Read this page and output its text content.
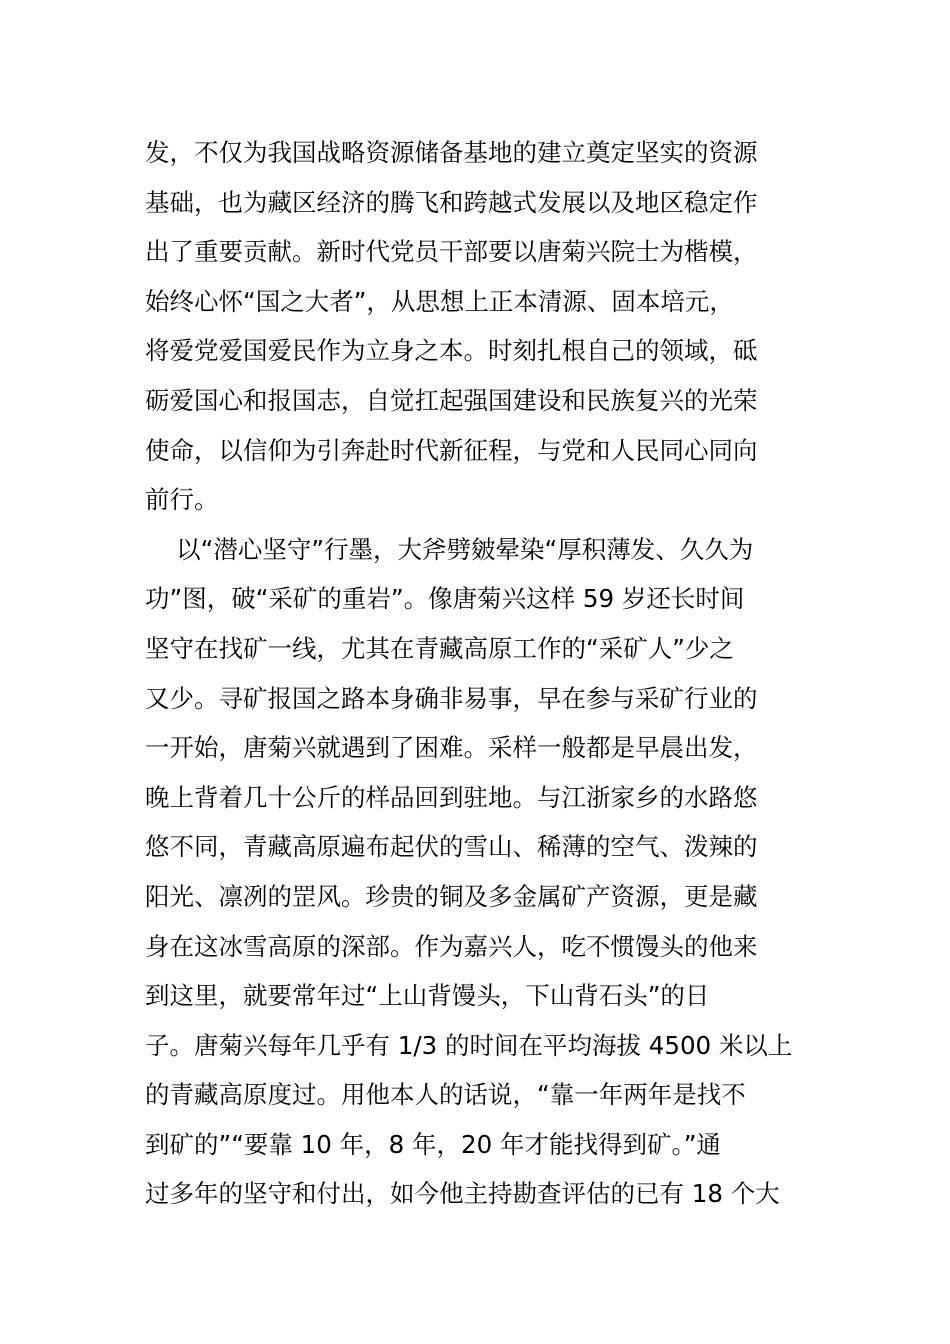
发，不仅为我国战略资源储备基地的建立奠定坚实的资源
基础，也为藏区经济的腾飞和跨越式发展以及地区稳定作
出了重要贡献。新时代党员干部要以唐菊兴院士为楷模，
始终心怀“国之大者”，从思想上正本清源、固本培元，
将爱党爱国爱民作为立身之本。时刻扎根自己的领域，砥
砺爱国心和报国志，自觉扛起强国建设和民族复兴的光荣
使命，以信仰为引奔赴时代新征程，与党和人民同心同向
前行。
以“潜心坚守”行墨，大斧劈皴晕染“厚积薄发、久久为
功”图，破“采矿的重岩”。像唐菊兴这样 59 岁还长时间
坚守在找矿一线，尤其在青藏高原工作的“采矿人”少之
又少。寻矿报国之路本身确非易事，早在参与采矿行业的
一开始，唐菊兴就遇到了困难。采样一般都是早晨出发，
晚上背着几十公斤的样品回到驻地。与江浙家乡的水路悠
悠不同，青藏高原遍布起伏的雪山、稀薄的空气、泼辣的
阳光、凛冽的罡风。珍贵的铜及多金属矿产资源，更是藏
身在这冰雪高原的深部。作为嘉兴人，吃不惯馒头的他来
到这里，就要常年过“上山背馒头，下山背石头”的日
子。唐菊兴每年几乎有 1/3 的时间在平均海拔 4500 米以上
的青藏高原度过。用他本人的话说，“靠一年两年是找不
到矿的”“要靠 10 年，8 年，20 年才能找得到矿。”通
过多年的坚守和付出，如今他主持勘查评估的已有 18 个大
